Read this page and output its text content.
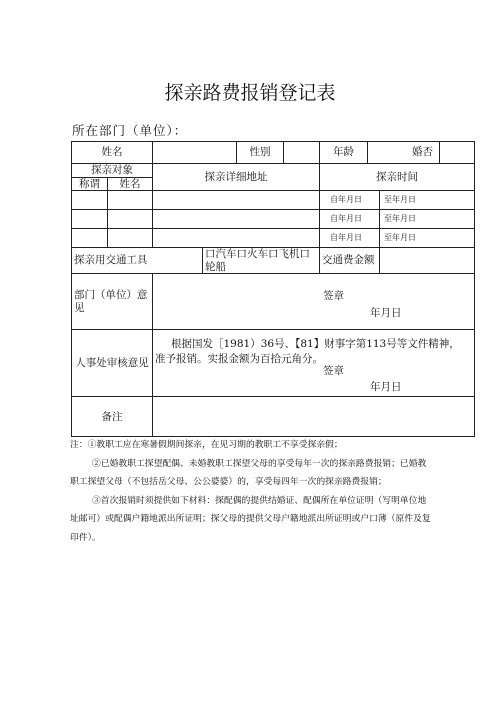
探亲路费报销登记表
所在部门（单位）：
姓名				性别		年龄	婚否		
探亲对象		探亲详细地址				探亲时间			
称谓	姓名								
						自年月日		至年月日	
						自年月日		至年月日	
						自年月日		至年月日	
探亲用交通工具			口汽车口火车口飞机口轮船			交通费金额			
部门（单位）意见		签章
年月日							

人事处审核意见		根据国发［1981）36号、【81】财事字第113号等文件精神，准予报销。实报金额为百拾元角分。
签章
年月日							

备注									

注：①教职工应在寒暑假期间探亲，在见习期的教职工不享受探亲假；

②已婚教职工探望配偶、未婚教职工探望父母的享受每年一次的探亲路费报销；已婚教职工探望父母（不包括岳父母、公公婆婆）的，享受每四年一次的探亲路费报销；

③首次报销时须提供如下材料：探配偶的提供结婚证、配偶所在单位证明（写明单位地址邮可）或配偶户籍地派出所证明；探父母的提供父母户籍地派出所证明或户口薄（原件及复印件）。
